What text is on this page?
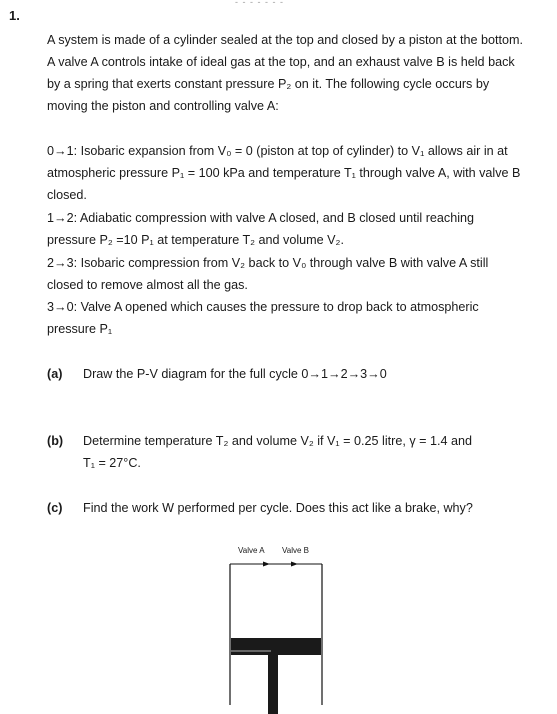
- - - - - - -
1.
A system is made of a cylinder sealed at the top and closed by a piston at the bottom.
A valve A controls intake of ideal gas at the top, and an exhaust valve B is held back
by a spring that exerts constant pressure P₂ on it. The following cycle occurs by
moving the piston and controlling valve A:
0→1: Isobaric expansion from V₀ = 0 (piston at top of cylinder) to V₁ allows air in at
atmospheric pressure P₁ = 100 kPa and temperature T₁ through valve A, with valve B
closed.
1→2: Adiabatic compression with valve A closed, and B closed until reaching
pressure P₂ =10 P₁ at temperature T₂ and volume V₂.
2→3: Isobaric compression from V₂ back to V₀ through valve B with valve A still
closed to remove almost all the gas.
3→0: Valve A opened which causes the pressure to drop back to atmospheric
pressure P₁
(a) Draw the P-V diagram for the full cycle 0→1→2→3→0
(b) Determine temperature T₂ and volume V₂ if V₁ = 0.25 litre, γ = 1.4 and
T₁ = 27°C.
(c) Find the work W performed per cycle. Does this act like a brake, why?
Valve A Valve B
